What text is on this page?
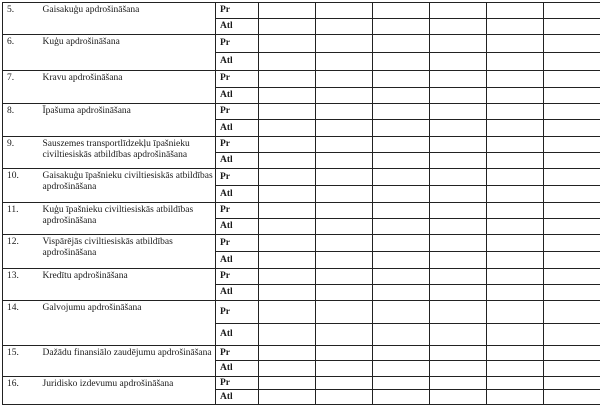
5.	Gaisakuģu apdrošināšana	Pr						
		Atl						
6.	Kuģu apdrošināšana	Pr						
		Atl						
7.	Kravu apdrošināšana	Pr						
		Atl						
8.	Īpašuma apdrošināšana	Pr						
		Atl						
9.	Sauszemes transportlīdzekļu īpašnieku civiltiesiskās atbildības apdrošināšana	Pr						
		Atl						
10.	Gaisakuģu īpašnieku civiltiesiskās atbildības apdrošināšana	Pr						
		Atl						
11.	Kuģu īpašnieku civiltiesiskās atbildības apdrošināšana	Pr						
		Atl						
12.	Vispārējās civiltiesiskās atbildības apdrošināšana	Pr						
		Atl						
13.	Kredītu apdrošināšana	Pr						
		Atl						
14.	Galvojumu apdrošināšana	Pr						
		Atl						
15.	Dažādu finansiālo zaudējumu apdrošināšana	Pr						
		Atl						
16.	Juridisko izdevumu apdrošināšana	Pr						
		Atl						
